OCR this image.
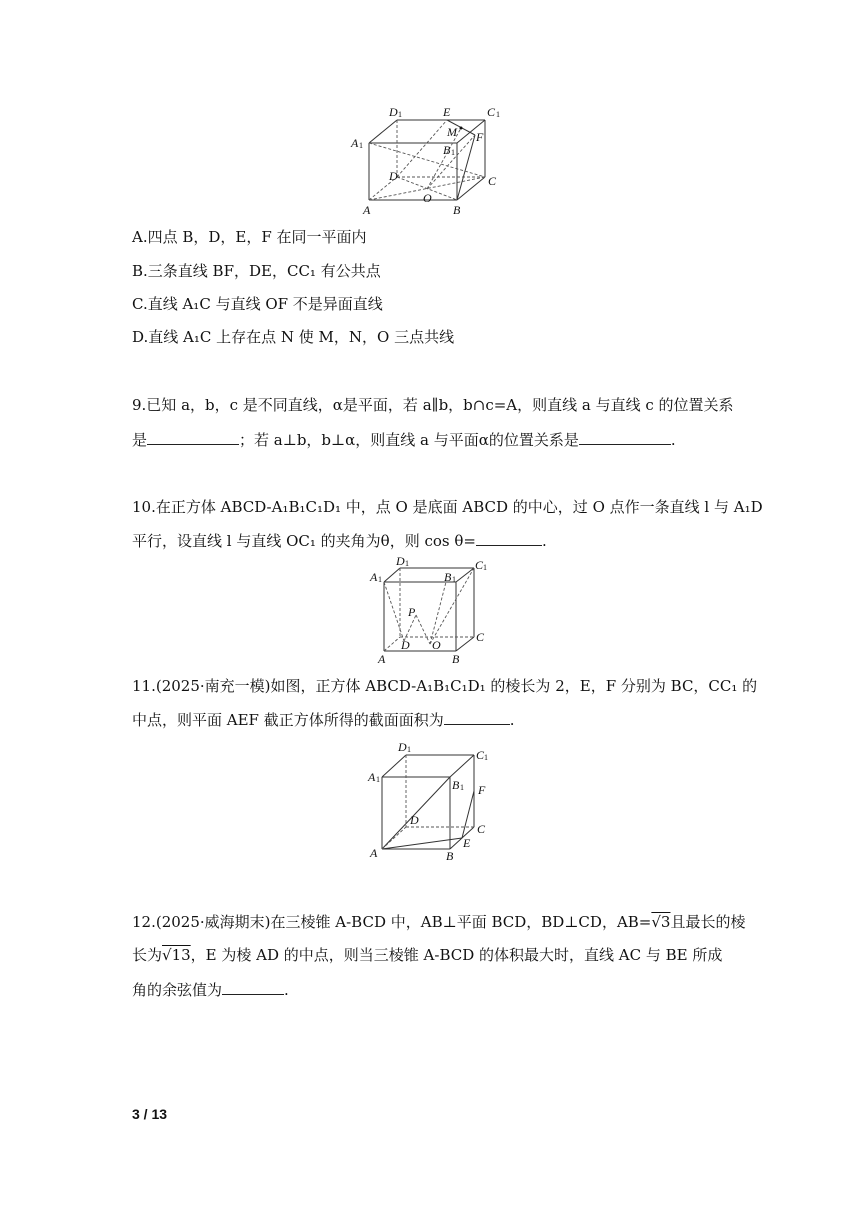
D 1	E	C 1
M F
A 1	B 1
D	C
O
A	B
A.四点 B，D，E，F 在同一平面内
B.三条直线 BF，DE，CC₁ 有公共点
C.直线 A₁C 与直线 OF 不是异面直线
D.直线 A₁C 上存在点 N 使 M，N，O 三点共线
9.已知 a，b，c 是不同直线，α是平面，若 a∥b，b∩c=A，则直线 a 与直线 c 的位置关系
是	；若 a⊥b，b⊥α，则直线 a 与平面α的位置关系是	.
10.在正方体 ABCD-A₁B₁C₁D₁ 中，点 O 是底面 ABCD 的中心，过 O 点作一条直线 l 与 A₁D
平行，设直线 l 与直线 OC₁ 的夹角为θ，则 cos θ=	.
A 1
D 1
B 1
C 1
P
A
D O
B
C
11.(2025·南充一模)如图，正方体 ABCD-A₁B₁C₁D₁ 的棱长为 2，E，F 分别为 BC，CC₁ 的
中点，则平面 AEF 截正方体所得的截面面积为	.
D 1	C 1
A 1	B 1 F
D
C
E
A	B
12.(2025·威海期末)在三棱锥 A-BCD 中，AB⊥平面 BCD，BD⊥CD，AB=√3且最长的棱
长为√13，E 为棱 AD 的中点，则当三棱锥 A-BCD 的体积最大时，直线 AC 与 BE 所成
角的余弦值为	.
3 / 13
